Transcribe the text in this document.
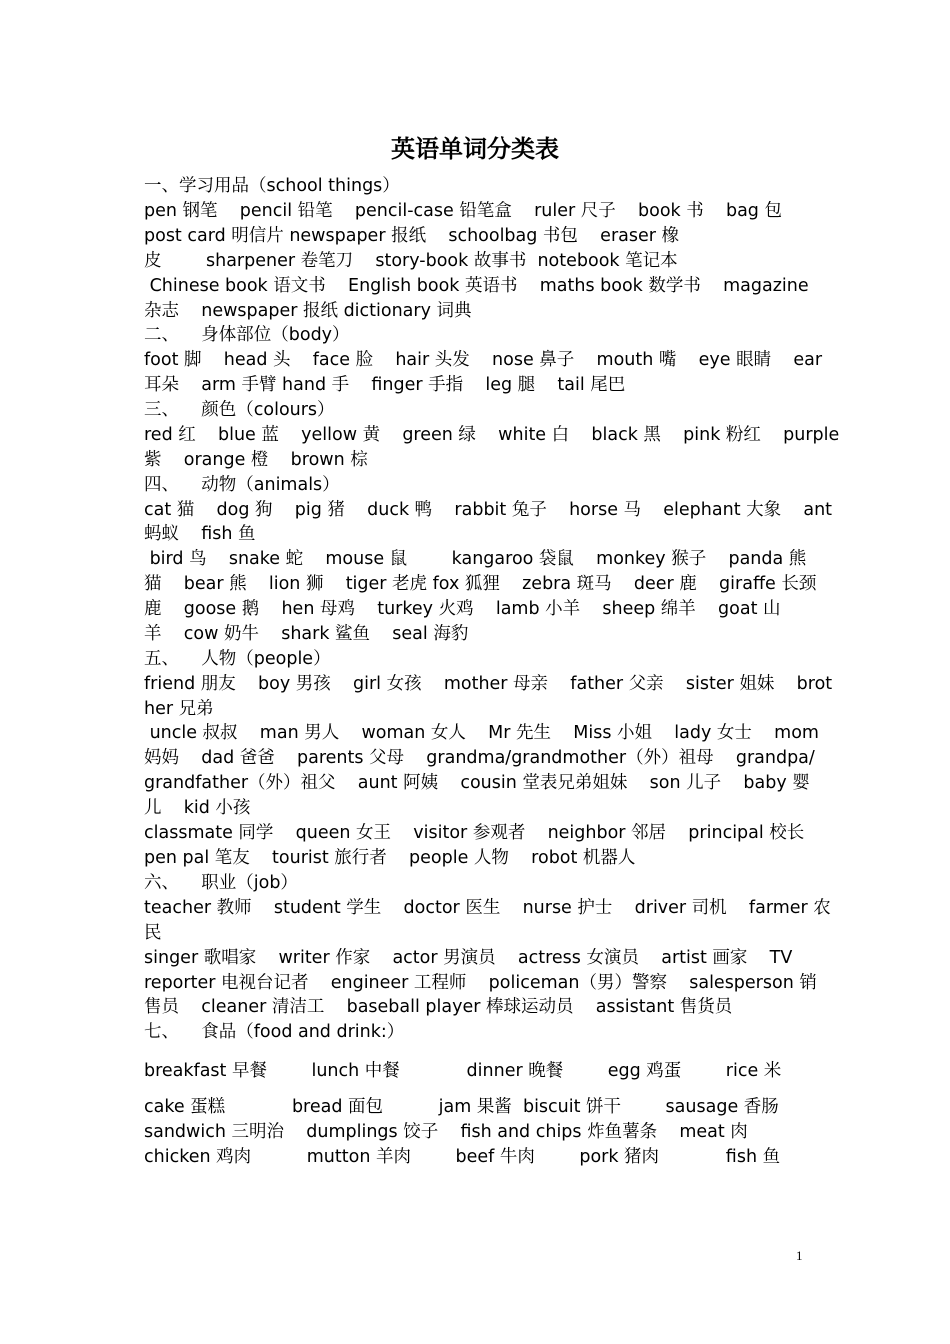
英语单词分类表
一、学习用品（school things）
pen 钢笔    pencil 铅笔    pencil-case 铅笔盒    ruler 尺子    book 书    bag 包
post card 明信片 newspaper 报纸    schoolbag 书包    eraser 橡
皮        sharpener 卷笔刀    story-book 故事书  notebook 笔记本
Chinese book 语文书    English book 英语书    maths book 数学书    magazine
杂志    newspaper 报纸 dictionary 词典
二、    身体部位（body）
foot 脚    head 头    face 脸    hair 头发    nose 鼻子    mouth 嘴    eye 眼睛    ear
耳朵    arm 手臂 hand 手    finger 手指    leg 腿    tail 尾巴
三、    颜色（colours）
red 红    blue 蓝    yellow 黄    green 绿    white 白    black 黑    pink 粉红    purple
紫    orange 橙    brown 棕
四、    动物（animals）
cat 猫    dog 狗    pig 猪    duck 鸭    rabbit 兔子    horse 马    elephant 大象    ant
蚂蚁    fish 鱼
bird 鸟    snake 蛇    mouse 鼠        kangaroo 袋鼠    monkey 猴子    panda 熊
猫    bear 熊    lion 狮    tiger 老虎 fox 狐狸    zebra 斑马    deer 鹿    giraffe 长颈
鹿    goose 鹅    hen 母鸡    turkey 火鸡    lamb 小羊    sheep 绵羊    goat 山
羊    cow 奶牛    shark 鲨鱼    seal 海豹
五、    人物（people）
friend 朋友    boy 男孩    girl 女孩    mother 母亲    father 父亲    sister 姐妹    brot
her 兄弟
uncle 叔叔    man 男人    woman 女人    Mr 先生    Miss 小姐    lady 女士    mom
妈妈    dad 爸爸    parents 父母    grandma/grandmother（外）祖母    grandpa/
grandfather（外）祖父    aunt 阿姨    cousin 堂表兄弟姐妹    son 儿子    baby 婴
儿    kid 小孩
classmate 同学    queen 女王    visitor 参观者    neighbor 邻居    principal 校长
pen pal 笔友    tourist 旅行者    people 人物    robot 机器人
六、    职业（job）
teacher 教师    student 学生    doctor 医生    nurse 护士    driver 司机    farmer 农
民
singer 歌唱家    writer 作家    actor 男演员    actress 女演员    artist 画家    TV
reporter 电视台记者    engineer 工程师    policeman（男）警察    salesperson 销
售员    cleaner 清洁工    baseball player 棒球运动员    assistant 售货员
七、    食品（food and drink:）
breakfast 早餐        lunch 中餐            dinner 晚餐        egg 鸡蛋        rice 米
cake 蛋糕            bread 面包          jam 果酱  biscuit 饼干        sausage 香肠
sandwich 三明治    dumplings 饺子    fish and chips 炸鱼薯条    meat 肉
chicken 鸡肉          mutton 羊肉        beef 牛肉        pork 猪肉            fish 鱼
1
